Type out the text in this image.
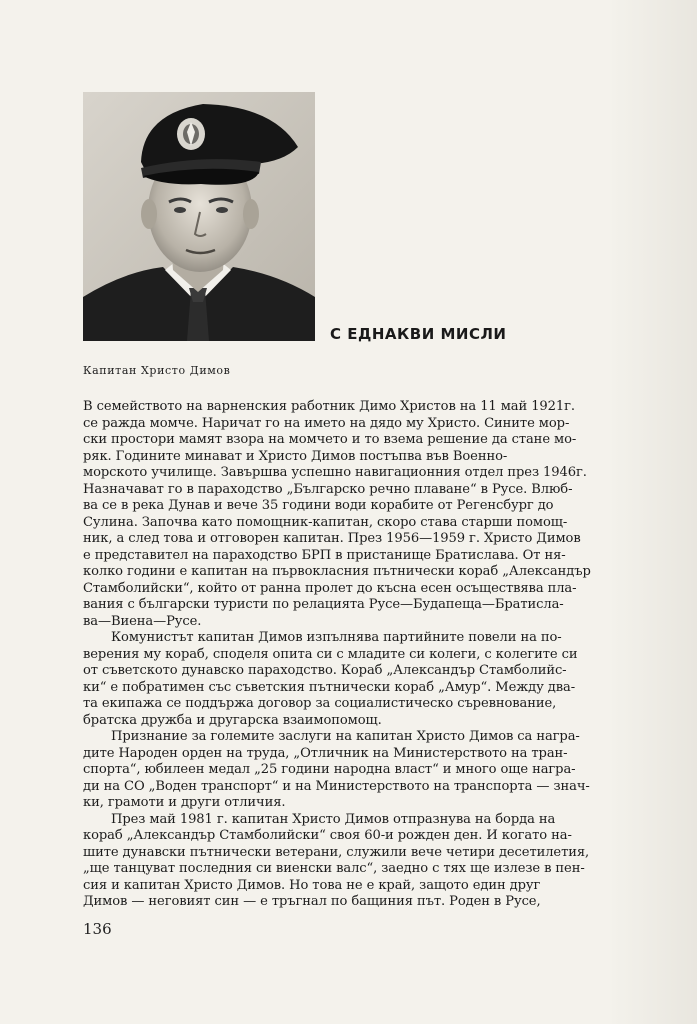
С ЕДНАКВИ МИСЛИ
Капитан Христо Димов
В семейството на варненския работник Димо Христов на 11 май 1921г.
се ражда момче. Наричат го на името на дядо му Христо. Сините мор-
ски простори мамят взора на момчето и то взема решение да стане мо-
ряк. Годините минават и Христо Димов постъпва във Военно-
морското училище. Завършва успешно навигационния отдел през 1946г.
Назначават го в параходство „Българско речно плаване“ в Русе. Влюб-
ва се в река Дунав и вече 35 години води корабите от Регенсбург до
Сулина. Започва като помощник-капитан, скоро става старши помощ-
ник, а след това и отговорен капитан. През 1956—1959 г. Христо Димов
е представител на параходство БРП в пристанище Братислава. От ня-
колко години е капитан на първокласния пътнически кораб „Александър
Стамболийски“, който от ранна пролет до късна есен осъществява пла-
вания с български туристи по релацията Русе—Будапеща—Братисла-
ва—Виена—Русе.
Комунистът капитан Димов изпълнява партийните повели на по-
верения му кораб, споделя опита си с младите си колеги, с колегите си
от съветското дунавско параходство. Кораб „Александър Стамболийс-
ки“ е побратимен със съветския пътнически кораб „Амур“. Между два-
та екипажа се поддържа договор за социалистическо съревнование,
братска дружба и другарска взаимопомощ.
Признание за големите заслуги на капитан Христо Димов са награ-
дите Народен орден на труда, „Отличник на Министерството на тран-
спорта“, юбилеен медал „25 години народна власт“ и много още награ-
ди на СО „Воден транспорт“ и на Министерството на транспорта — знач-
ки, грамоти и други отличия.
През май 1981 г. капитан Христо Димов отпразнува на борда на
кораб „Александър Стамболийски“ своя 60-и рожден ден. И когато на-
шите дунавски пътнически ветерани, служили вече четири десетилетия,
„ще танцуват последния си виенски валс“, заедно с тях ще излезе в пен-
сия и капитан Христо Димов. Но това не е край, защото един друг
Димов — неговият син — е тръгнал по бащиния път. Роден в Русе,
136
